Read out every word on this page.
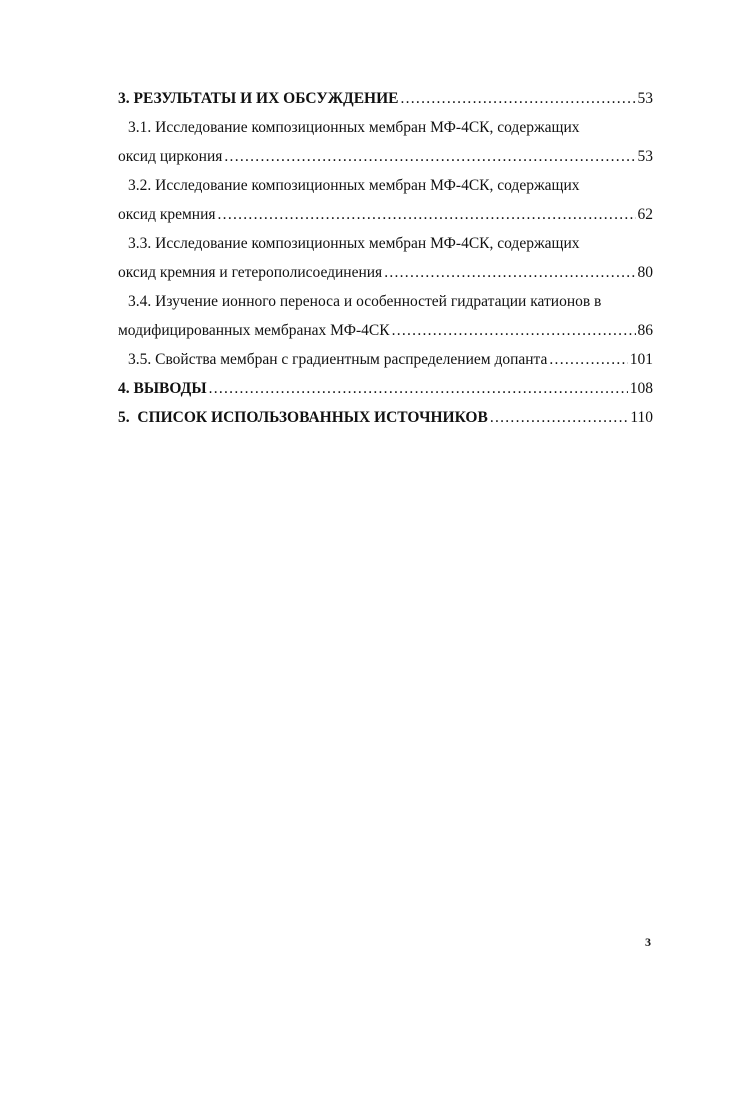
3. РЕЗУЛЬТАТЫ И ИХ ОБСУЖДЕНИЕ . . .	53
3.1. Исследование композиционных мембран МФ-4СК, содержащих
оксид циркония . . .	53
3.2. Исследование композиционных мембран МФ-4СК, содержащих
оксид кремния . . .	62
3.3. Исследование композиционных мембран МФ-4СК, содержащих
оксид кремния и гетерополисоединения . . .	80
3.4. Изучение ионного переноса и особенностей гидратации катионов в
модифицированных мембранах МФ-4СК . . .	86
3.5. Свойства мембран с градиентным распределением допанта . . .	101
4. ВЫВОДЫ . . .	108
5.  СПИСОК ИСПОЛЬЗОВАННЫХ ИСТОЧНИКОВ . . .	110
3
